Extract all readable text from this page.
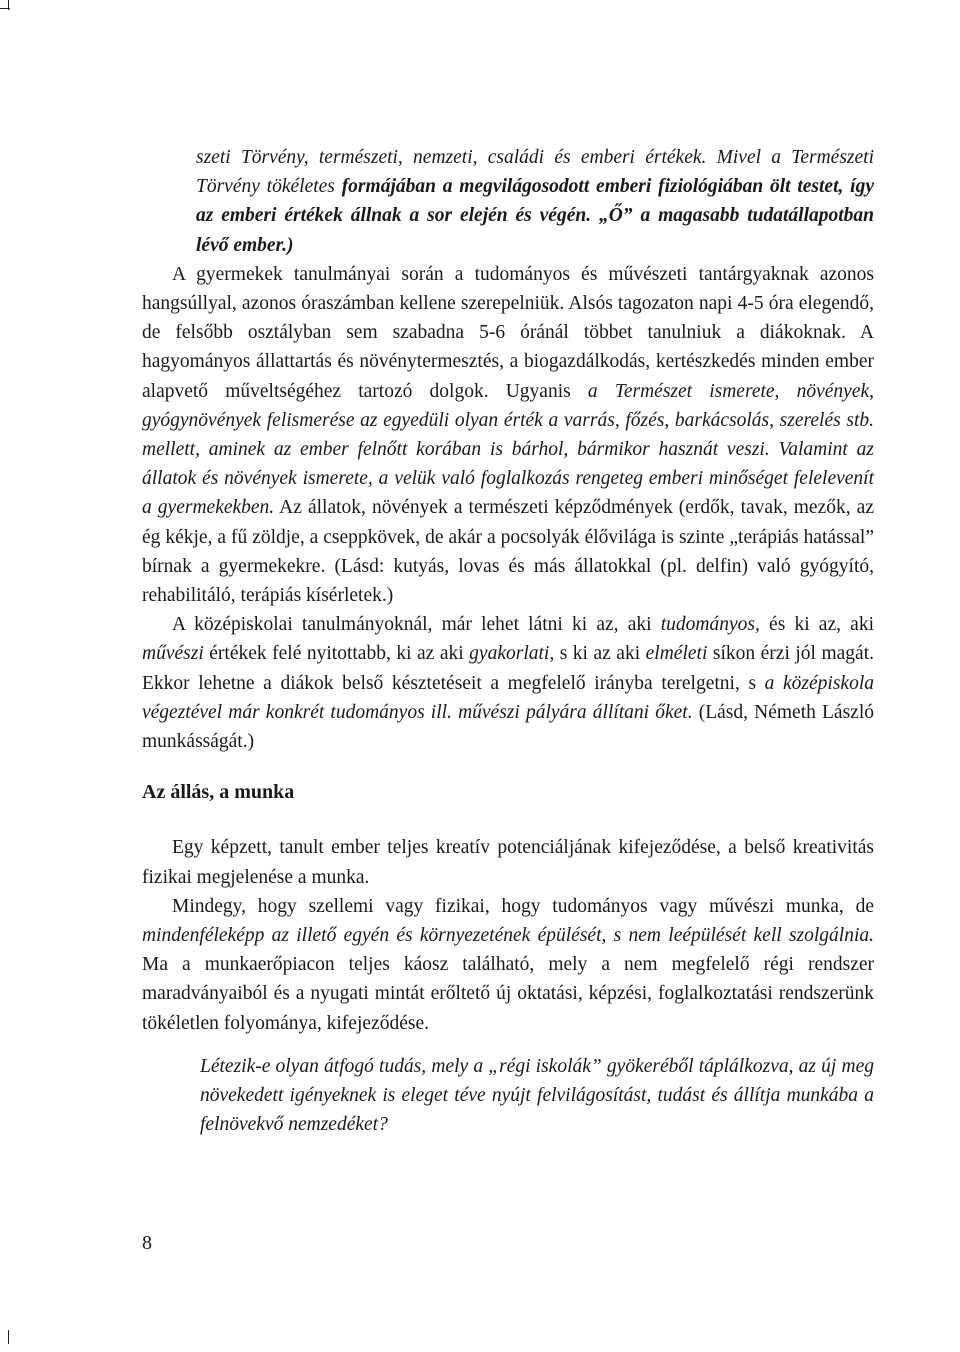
szeti Törvény, természeti, nemzeti, családi és emberi értékek. Mivel a Természeti Törvény tökéletes formájában a megvilágosodott emberi fiziológiában ölt testet, így az emberi értékek állnak a sor elején és végén. „Ő” a magasabb tudatállapotban lévő ember.)

A gyermekek tanulmányai során a tudományos és művészeti tantárgyaknak azonos hangsúllyal, azonos óraszámban kellene szerepelniük. Alsós tagozaton napi 4-5 óra elegendő, de felsőbb osztályban sem szabadna 5-6 óránál többet tanulniuk a diákoknak. A hagyományos állattartás és növénytermesztés, a biogazdálkodás, kertészkedés minden ember alapvető műveltségéhez tartozó dolgok. Ugyanis a Természet ismerete, növények, gyógynövények felismerése az egyedüli olyan érték a varrás, főzés, barkácsolás, szerelés stb. mellett, aminek az ember felnőtt korában is bárhol, bármikor hasznát veszi. Valamint az állatok és növények ismerete, a velük való foglalkozás rengeteg emberi minőséget felelevenít a gyermekekben. Az állatok, növények a természeti képződmények (erdők, tavak, mezők, az ég kékje, a fű zöldje, a cseppkövek, de akár a pocsolyák élővilága is szinte „terápiás hatással” bírnak a gyermekekre. (Lásd: kutyás, lovas és más állatokkal (pl. delfin) való gyógyító, rehabilitáló, terápiás kísérletek.)

A középiskolai tanulmányoknál, már lehet látni ki az, aki tudományos, és ki az, aki művészi értékek felé nyitottabb, ki az aki gyakorlati, s ki az aki elméleti síkon érzi jól magát. Ekkor lehetne a diákok belső késztetéseit a megfelelő irányba terelgetni, s a középiskola végeztével már konkrét tudományos ill. művészi pályára állítani őket. (Lásd, Németh László munkásságát.)

Az állás, a munka

Egy képzett, tanult ember teljes kreatív potenciáljának kifejeződése, a belső kreativitás fizikai megjelenése a munka.

Mindegy, hogy szellemi vagy fizikai, hogy tudományos vagy művészi munka, de mindenféleképp az illető egyén és környezetének épülését, s nem leépülését kell szolgálnia. Ma a munkaerőpiacon teljes káosz található, mely a nem megfelelő régi rendszer maradványaiból és a nyugati mintát erőltető új oktatási, képzési, foglalkoztatási rendszerünk tökéletlen folyománya, kifejeződése.

Létezik-e olyan átfogó tudás, mely a „régi iskolák” gyökeréből táplálkozva, az új meg növekedett igényeknek is eleget téve nyújt felvilágosítást, tudást és állítja munkába a felnövekvő nemzedéket?

8
